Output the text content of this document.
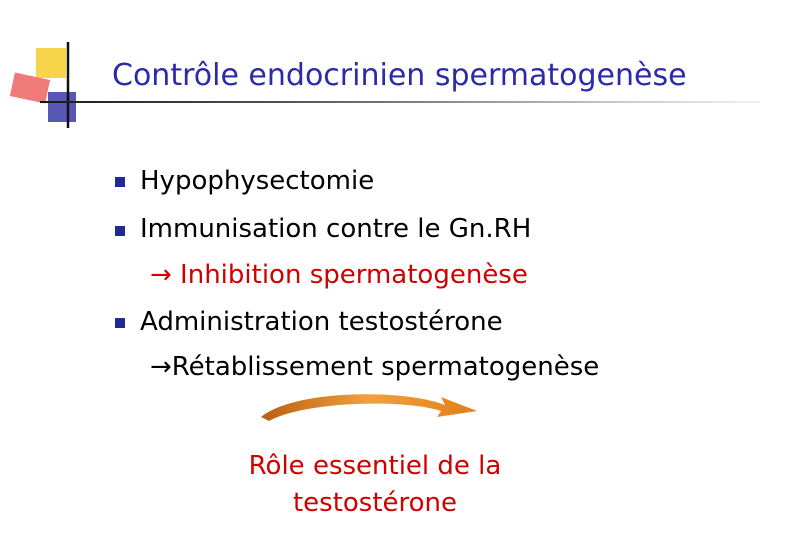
Contrôle endocrinien spermatogenèse
Hypophysectomie
Immunisation contre le Gn.RH
→ Inhibition spermatogenèse
Administration testostérone
→Rétablissement spermatogenèse
Rôle essentiel de la
testostérone
